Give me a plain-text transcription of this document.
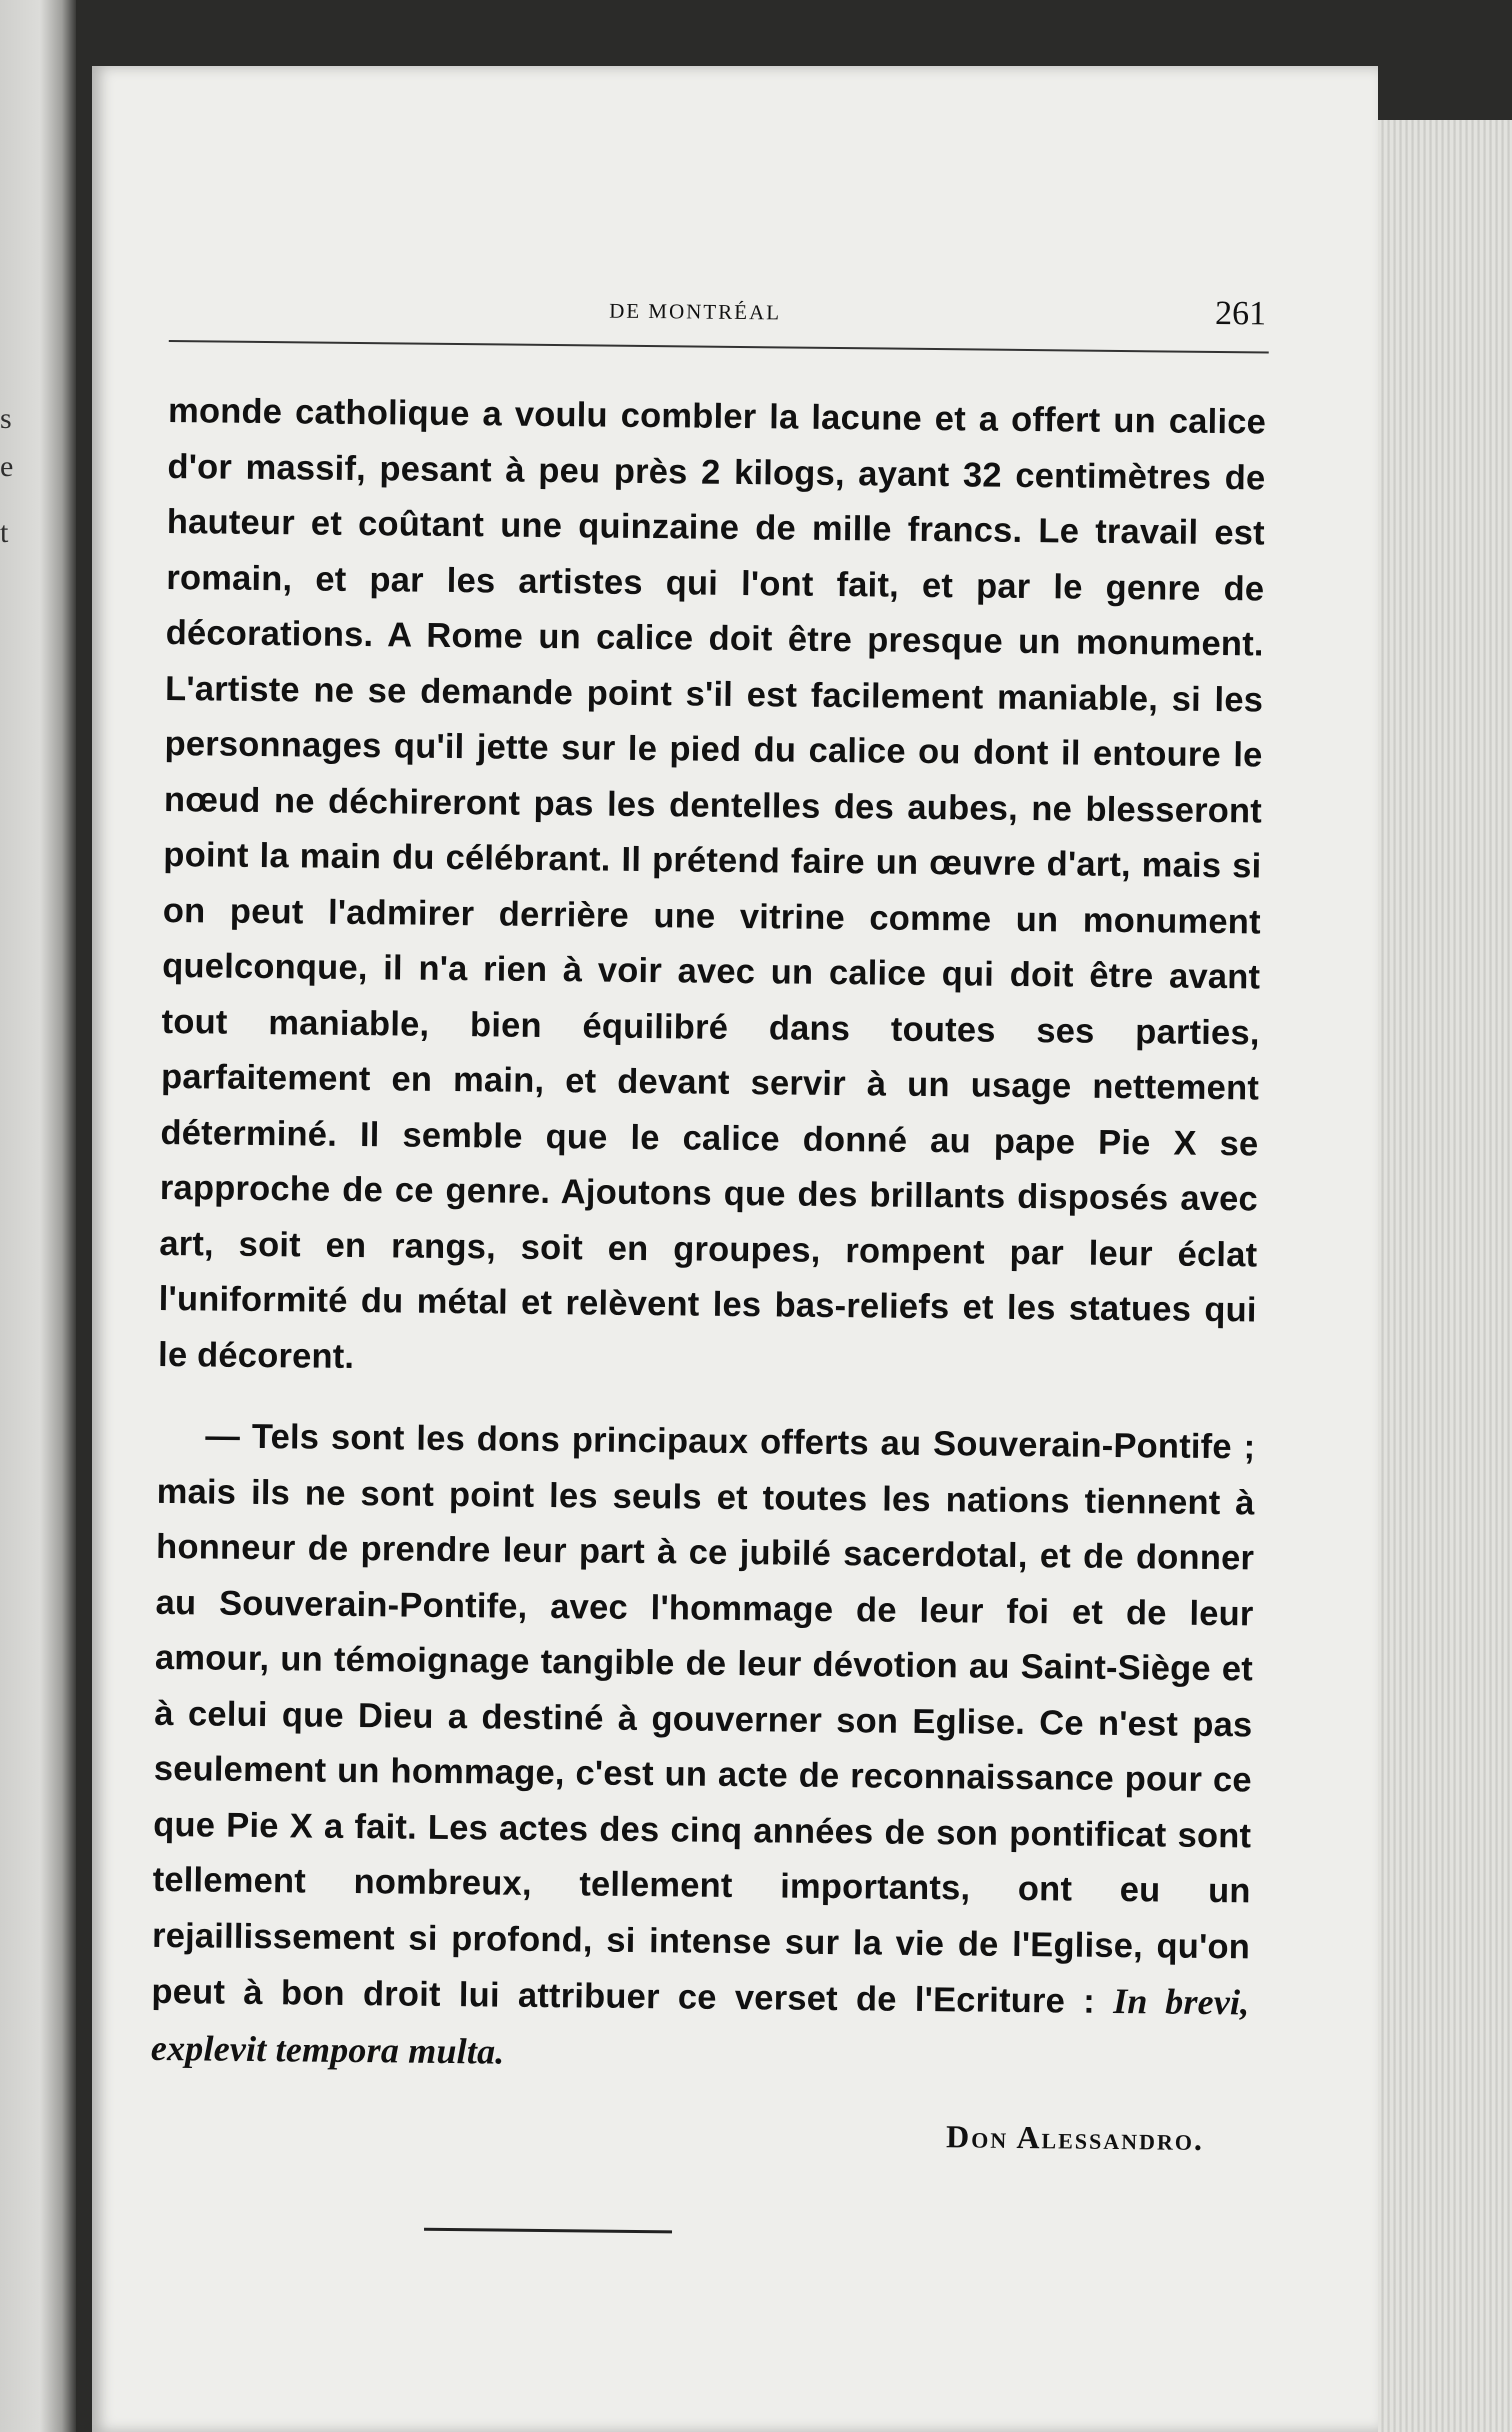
s
e
t
DE MONTRÉAL	261

monde catholique a voulu combler la lacune et a offert un calice d'or massif, pesant à peu près 2 kilogs, ayant 32 centimètres de hauteur et coûtant une quinzaine de mille francs. Le travail est romain, et par les artistes qui l'ont fait, et par le genre de décorations. A Rome un calice doit être presque un monument. L'artiste ne se demande point s'il est facilement maniable, si les personnages qu'il jette sur le pied du calice ou dont il entoure le nœud ne déchireront pas les dentelles des aubes, ne blesseront point la main du célébrant. Il prétend faire un œuvre d'art, mais si on peut l'admirer derrière une vitrine comme un monument quelconque, il n'a rien à voir avec un calice qui doit être avant tout maniable, bien équilibré dans toutes ses parties, parfaitement en main, et devant servir à un usage nettement déterminé. Il semble que le calice donné au pape Pie X se rapproche de ce genre. Ajoutons que des brillants disposés avec art, soit en rangs, soit en groupes, rompent par leur éclat l'uniformité du métal et relèvent les bas-reliefs et les statues qui le décorent.

— Tels sont les dons principaux offerts au Souverain-Pontife ; mais ils ne sont point les seuls et toutes les nations tiennent à honneur de prendre leur part à ce jubilé sacerdotal, et de donner au Souverain-Pontife, avec l'hommage de leur foi et de leur amour, un témoignage tangible de leur dévotion au Saint-Siège et à celui que Dieu a destiné à gouverner son Eglise. Ce n'est pas seulement un hommage, c'est un acte de reconnaissance pour ce que Pie X a fait. Les actes des cinq années de son pontificat sont tellement nombreux, tellement importants, ont eu un rejaillissement si profond, si intense sur la vie de l'Eglise, qu'on peut à bon droit lui attribuer ce verset de l'Ecriture : In brevi, explevit tempora multa.

Don Alessandro.
